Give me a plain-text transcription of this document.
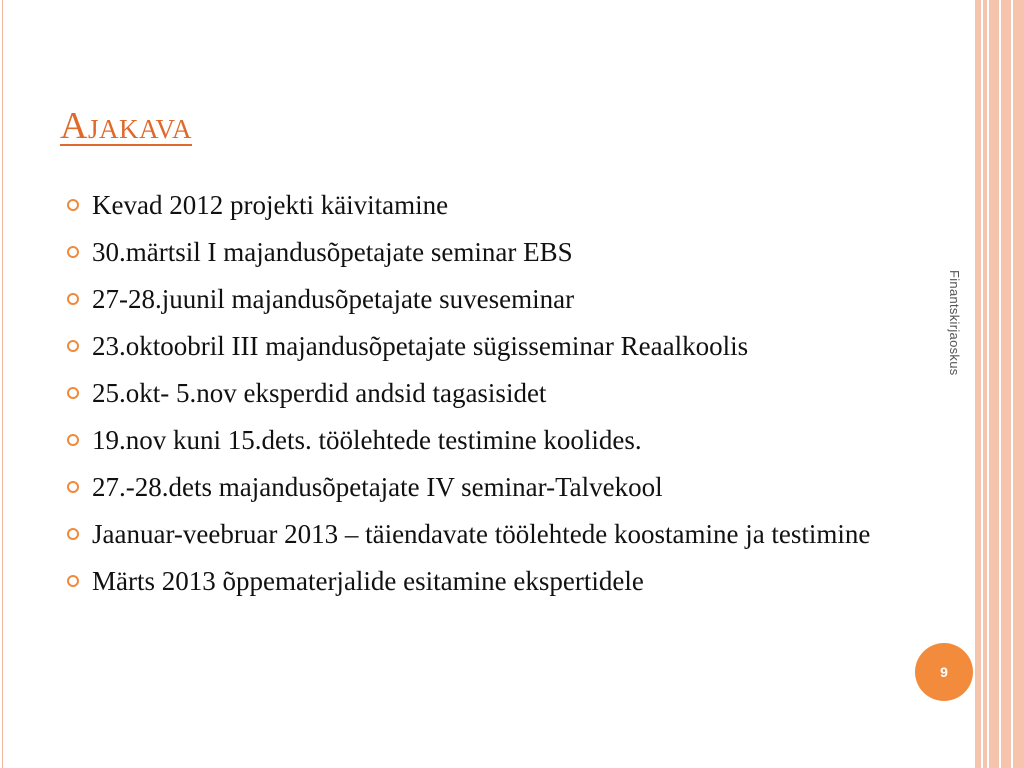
Ajakava
Kevad 2012 projekti käivitamine
30.märtsil I majandusõpetajate seminar EBS
27-28.juunil majandusõpetajate suveseminar
23.oktoobril III majandusõpetajate sügisseminar Reaalkoolis
25.okt- 5.nov eksperdid andsid tagasisidet
19.nov kuni 15.dets. töölehtede testimine koolides.
27.-28.dets majandusõpetajate IV seminar-Talvekool
Jaanuar-veebruar 2013 – täiendavate töölehtede koostamine ja testimine
Märts 2013 õppematerjalide esitamine ekspertidele
Finantskirjaoskus
9
